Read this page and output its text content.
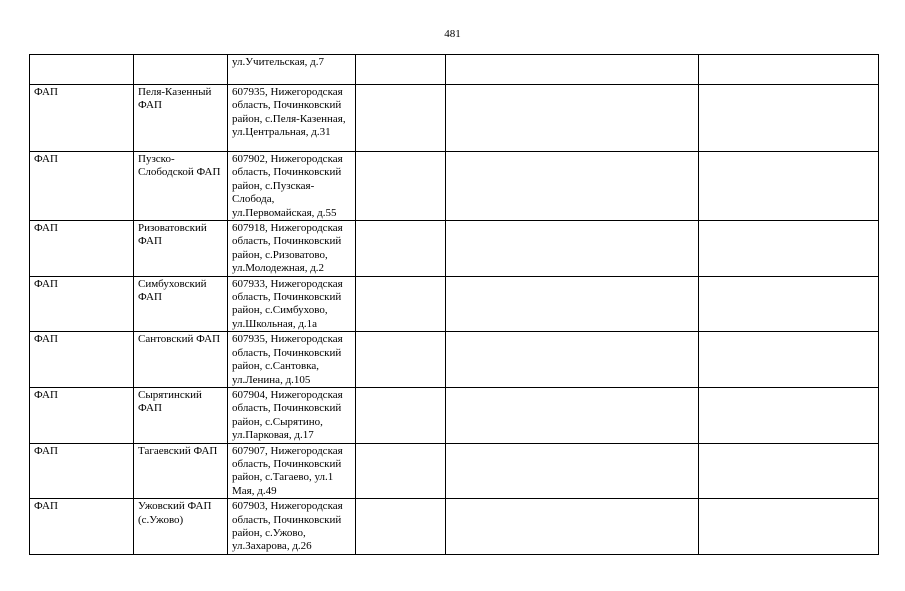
481
		ул.Учительская, д.7			
ФАП	Пеля-Казенный ФАП	607935, Нижегородская область, Починковский район, с.Пеля-Казенная, ул.Центральная, д.31			
ФАП	Пузско-Слободской ФАП	607902, Нижегородская область, Починковский район, с.Пузская-Слобода, ул.Первомайская, д.55			
ФАП	Ризоватовский ФАП	607918, Нижегородская область, Починковский район, с.Ризоватово, ул.Молодежная, д.2			
ФАП	Симбуховский ФАП	607933, Нижегородская область, Починковский район, с.Симбухово, ул.Школьная, д.1а			
ФАП	Сантовский ФАП	607935, Нижегородская область, Починковский район, с.Сантовка, ул.Ленина, д.105			
ФАП	Сырятинский ФАП	607904, Нижегородская область, Починковский район, с.Сырятино, ул.Парковая, д.17			
ФАП	Тагаевский ФАП	607907, Нижегородская область, Починковский район, с.Тагаево, ул.1 Мая, д.49			
ФАП	Ужовский ФАП (с.Ужово)	607903, Нижегородская область, Починковский район, с.Ужово, ул.Захарова, д.26			
